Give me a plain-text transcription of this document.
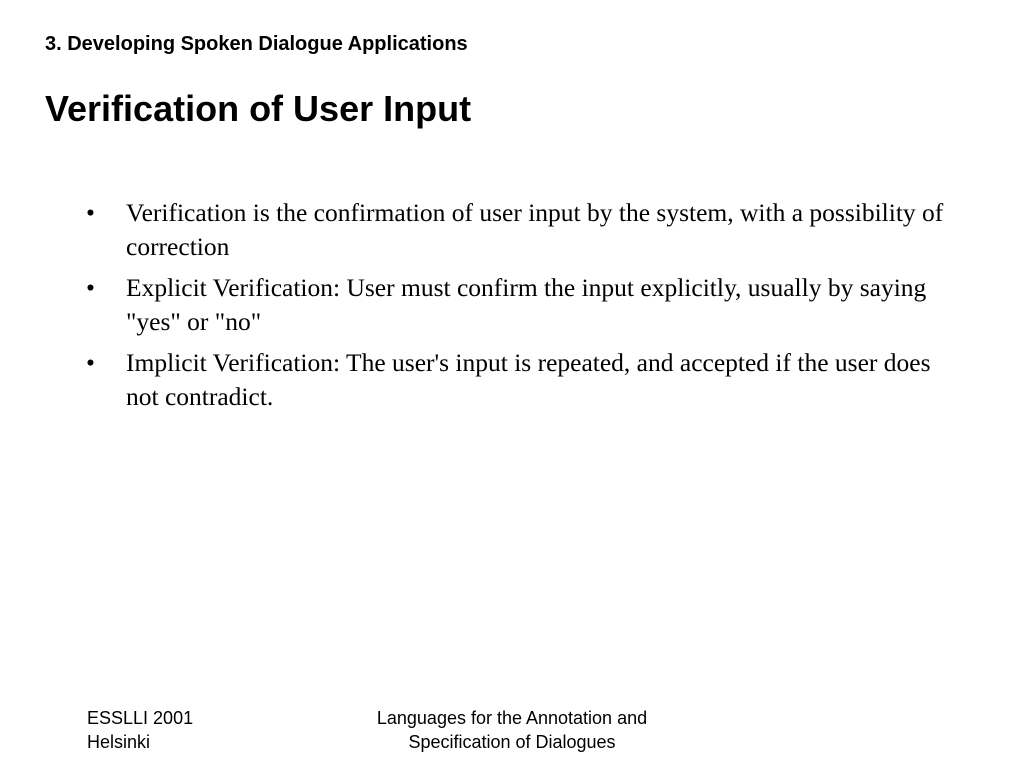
3. Developing Spoken Dialogue Applications
Verification of User Input
•	Verification is the confirmation of user input by the system, with a possibility of correction
•	Explicit Verification: User must confirm the input explicitly, usually by saying "yes" or "no"
•	Implicit Verification: The user's input is repeated, and accepted if the user does not contradict.
ESSLLI 2001
Helsinki
Languages for the Annotation and
Specification of Dialogues
